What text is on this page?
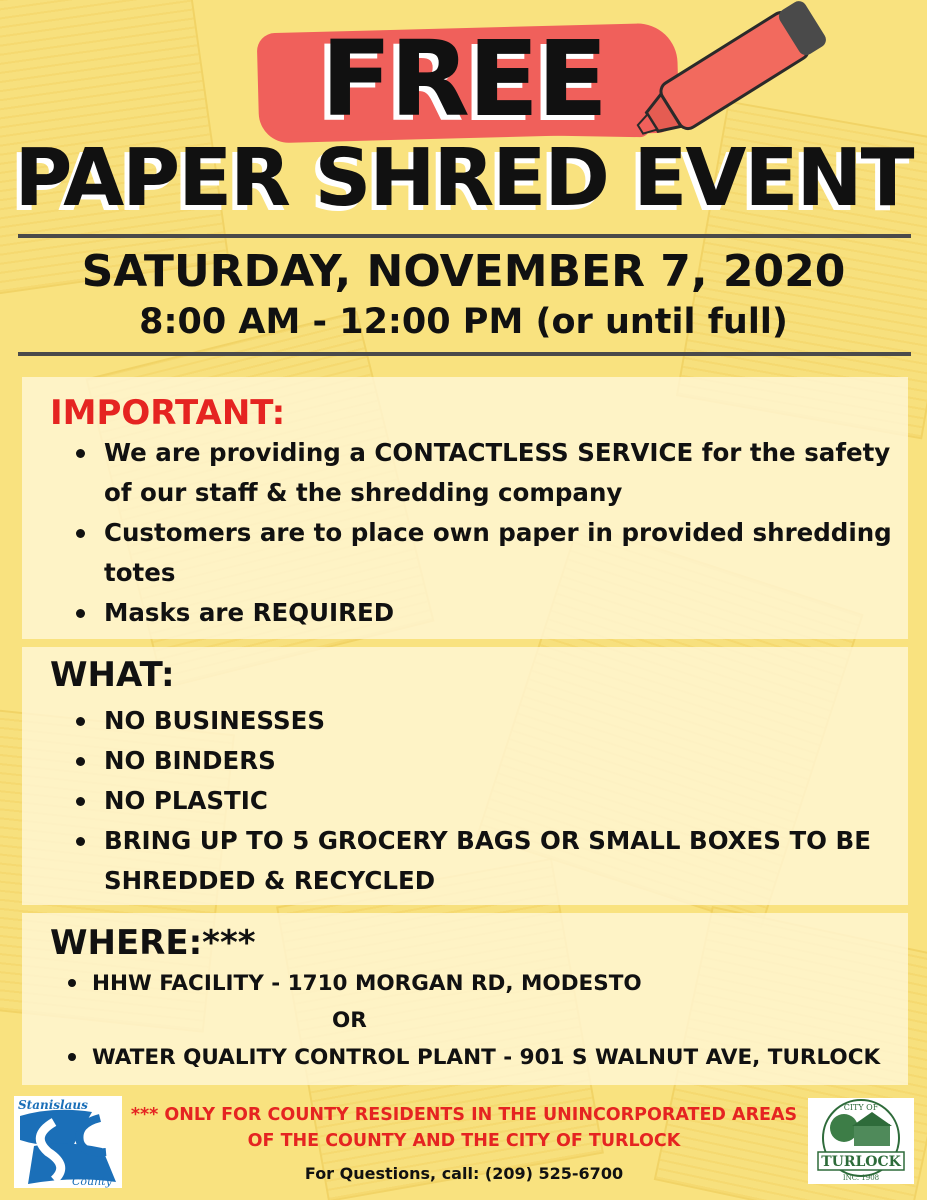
FREE
PAPER SHRED EVENT
SATURDAY, NOVEMBER 7, 2020
8:00 AM - 12:00 PM (or until full)
IMPORTANT:
We are providing a CONTACTLESS SERVICE for the safety of our staff & the shredding company
Customers are to place own paper in provided shredding totes
Masks are REQUIRED
WHAT:
NO BUSINESSES
NO BINDERS
NO PLASTIC
BRING UP TO 5 GROCERY BAGS OR SMALL BOXES TO BE SHREDDED & RECYCLED
WHERE:***
HHW FACILITY - 1710 MORGAN RD, MODESTO
OR
WATER QUALITY CONTROL PLANT - 901 S WALNUT AVE, TURLOCK
Stanislaus
County
*** ONLY FOR COUNTY RESIDENTS IN THE UNINCORPORATED AREAS
OF THE COUNTY AND THE CITY OF TURLOCK
For Questions, call: (209) 525-6700
CITY OF
TURLOCK
INC. 1908
